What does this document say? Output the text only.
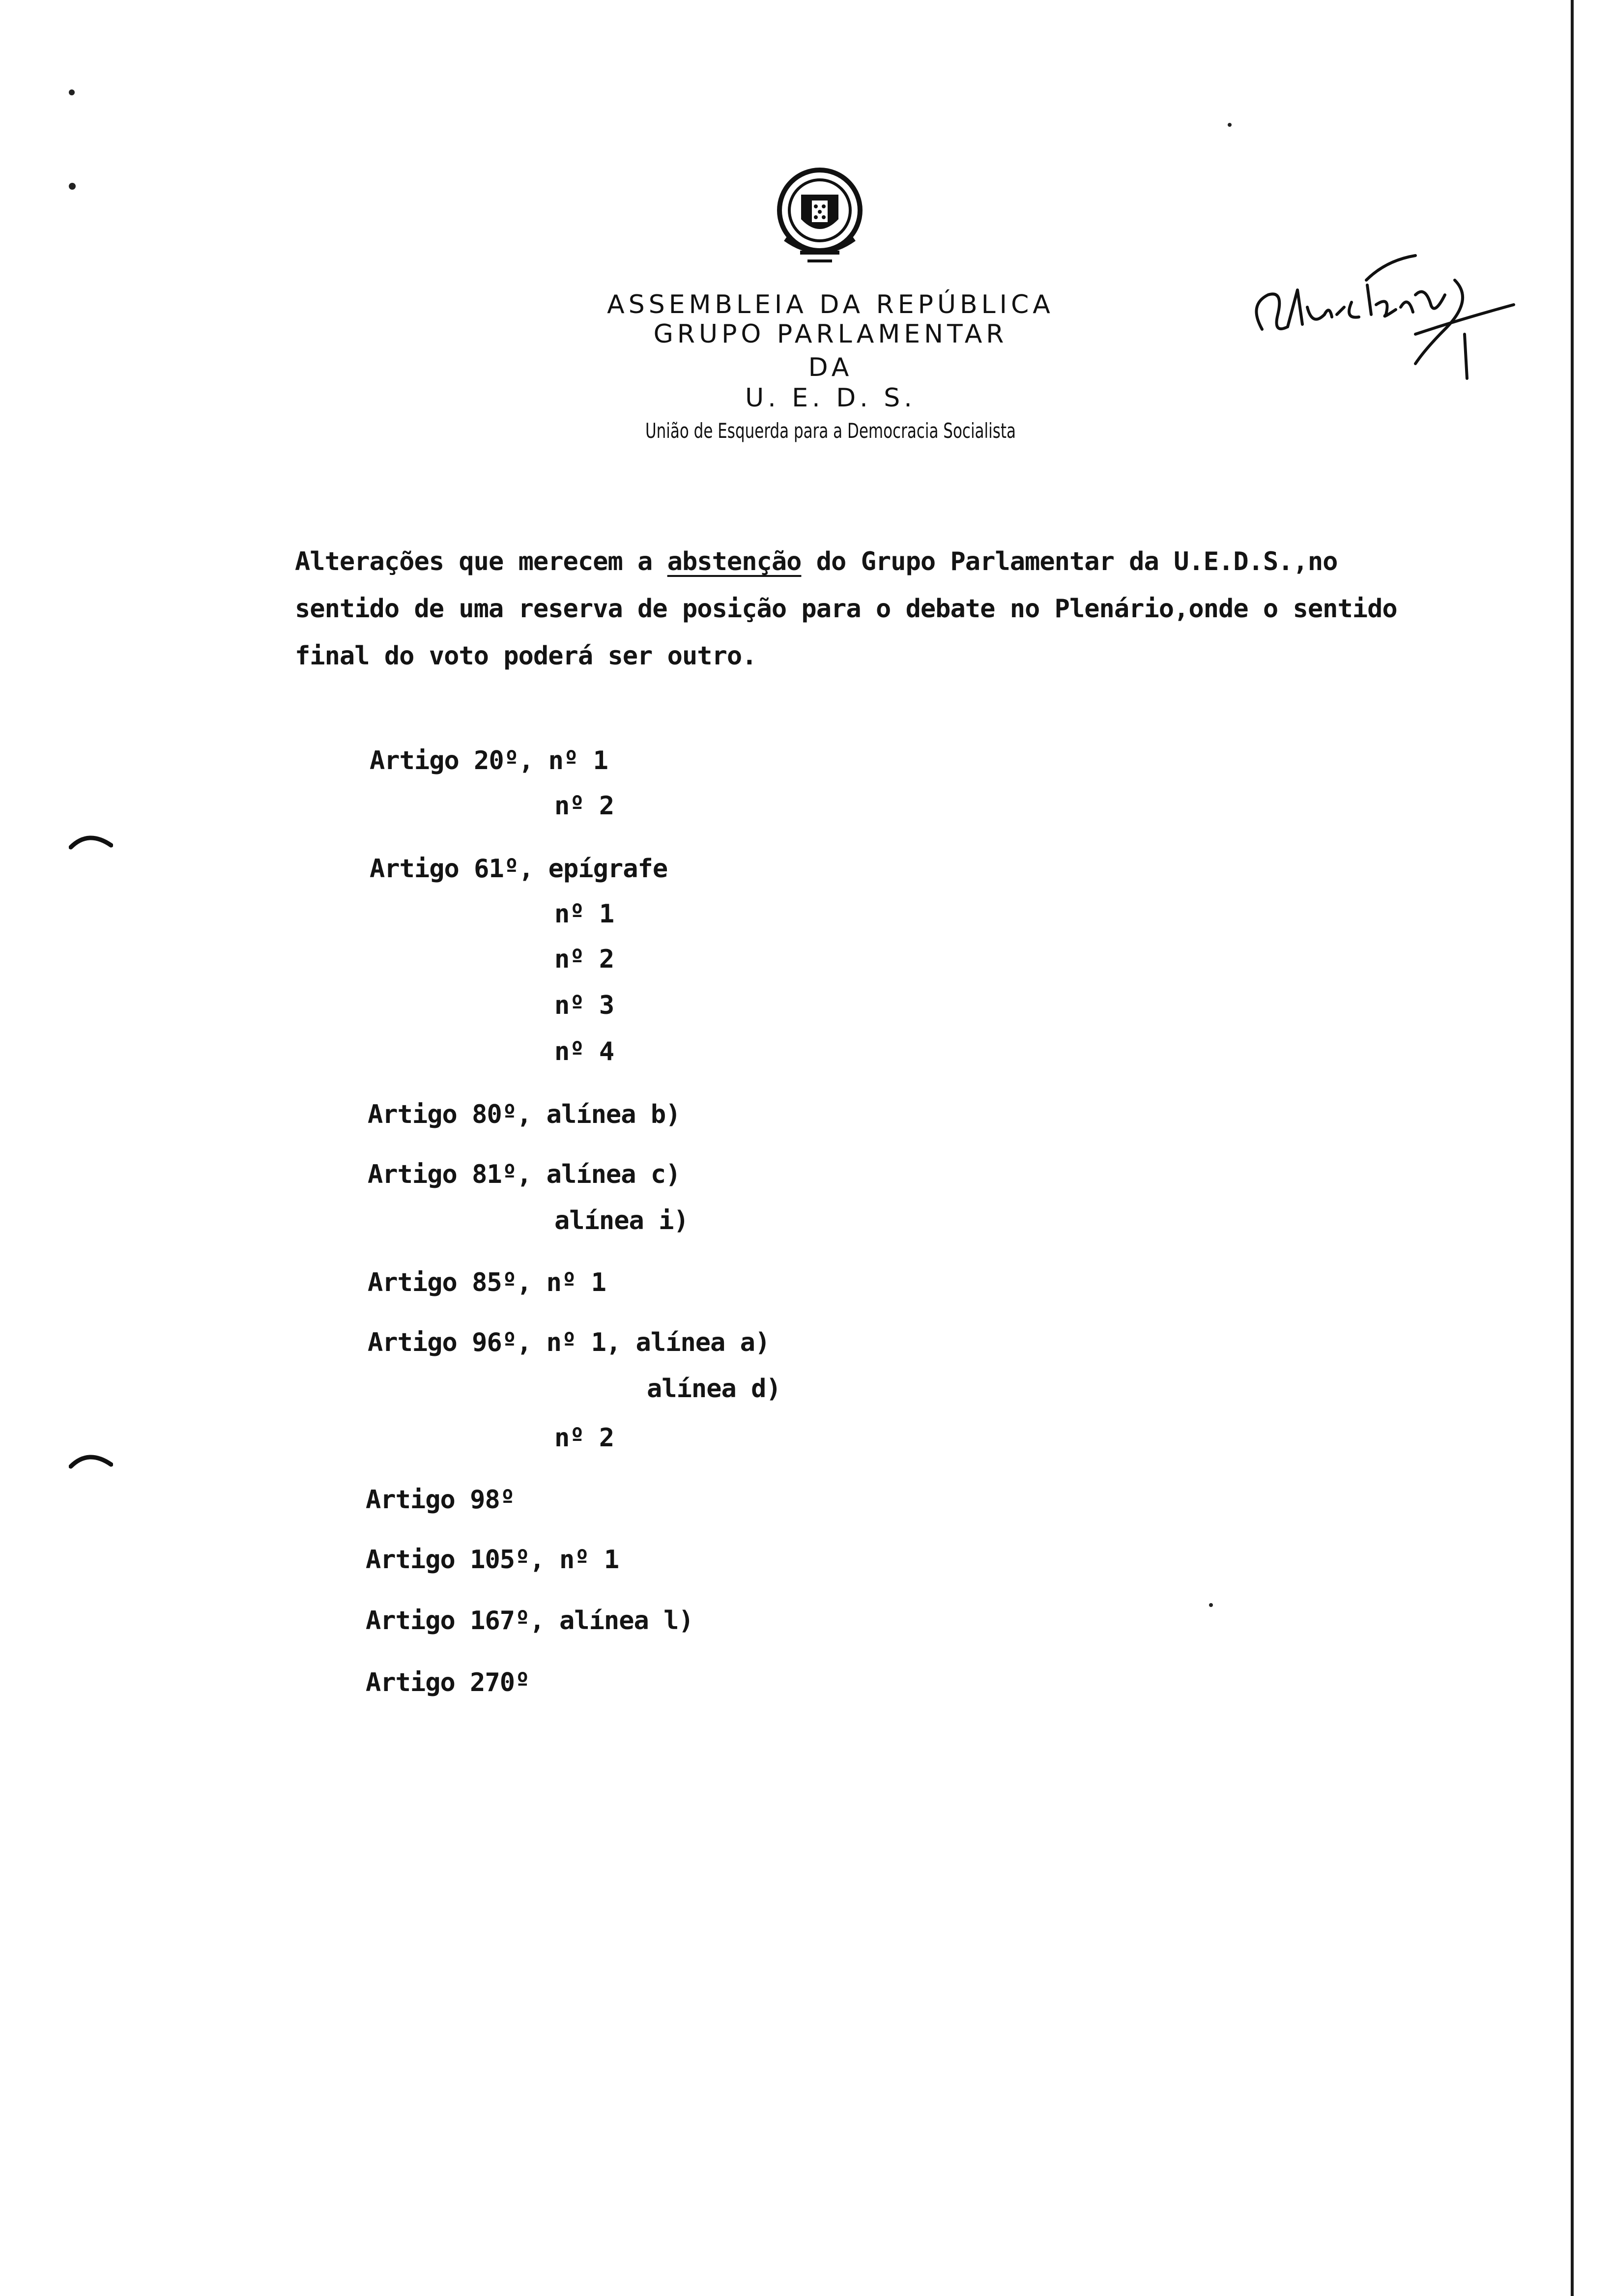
ASSEMBLEIA DA REPÚBLICA
GRUPO PARLAMENTAR
DA
U. E. D. S.
União de Esquerda para a Democracia Socialista
Alterações que merecem a abstenção do Grupo Parlamentar da U.E.D.S.,no
sentido de uma reserva de posição para o debate no Plenário,onde o sentido
final do voto poderá ser outro.
Artigo 20º, nº 1
nº 2
Artigo 61º, epígrafe
nº 1
nº 2
nº 3
nº 4
Artigo 80º, alínea b)
Artigo 81º, alínea c)
alínea i)
Artigo 85º, nº 1
Artigo 96º, nº 1, alínea a)
alínea d)
nº 2
Artigo 98º
Artigo 105º, nº 1
Artigo 167º, alínea l)
Artigo 270º
